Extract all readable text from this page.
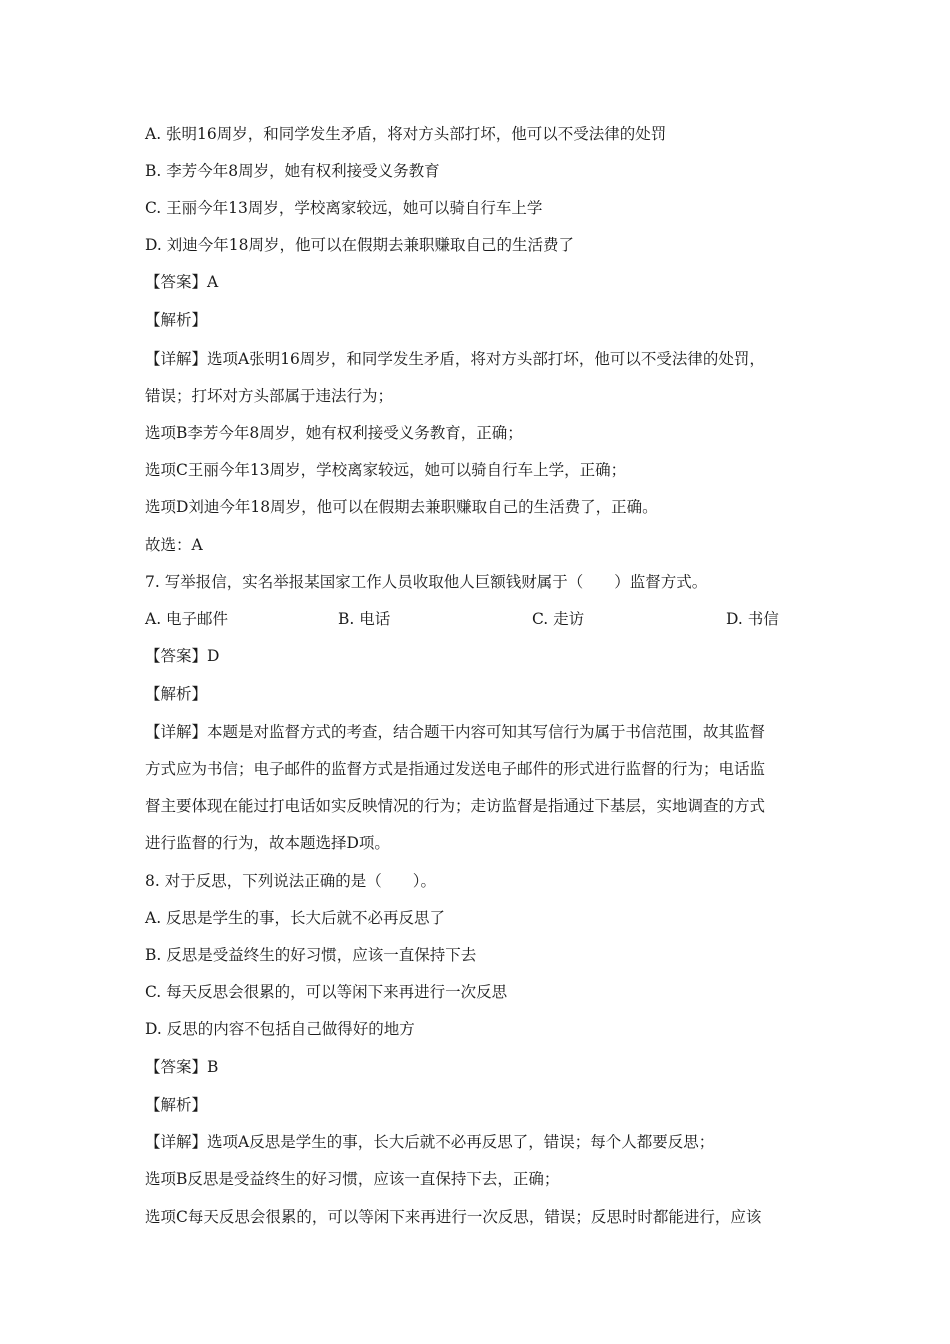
A. 张明16周岁，和同学发生矛盾，将对方头部打坏，他可以不受法律的处罚
B. 李芳今年8周岁，她有权利接受义务教育
C. 王丽今年13周岁，学校离家较远，她可以骑自行车上学
D. 刘迪今年18周岁，他可以在假期去兼职赚取自己的生活费了
【答案】A
【解析】
【详解】选项A张明16周岁，和同学发生矛盾，将对方头部打坏，他可以不受法律的处罚，
错误；打坏对方头部属于违法行为；
选项B李芳今年8周岁，她有权利接受义务教育，正确；
选项C王丽今年13周岁，学校离家较远，她可以骑自行车上学，正确；
选项D刘迪今年18周岁，他可以在假期去兼职赚取自己的生活费了，正确。
故选：A
7. 写举报信，实名举报某国家工作人员收取他人巨额钱财属于（　　）监督方式。
A. 电子邮件	B. 电话	C. 走访	D. 书信
【答案】D
【解析】
【详解】本题是对监督方式的考查，结合题干内容可知其写信行为属于书信范围，故其监督
方式应为书信；电子邮件的监督方式是指通过发送电子邮件的形式进行监督的行为；电话监
督主要体现在能过打电话如实反映情况的行为；走访监督是指通过下基层，实地调查的方式
进行监督的行为，故本题选择D项。
8. 对于反思，下列说法正确的是（　　）。
A. 反思是学生的事，长大后就不必再反思了
B. 反思是受益终生的好习惯，应该一直保持下去
C. 每天反思会很累的，可以等闲下来再进行一次反思
D. 反思的内容不包括自己做得好的地方
【答案】B
【解析】
【详解】选项A反思是学生的事，长大后就不必再反思了，错误；每个人都要反思；
选项B反思是受益终生的好习惯，应该一直保持下去，正确；
选项C每天反思会很累的，可以等闲下来再进行一次反思，错误；反思时时都能进行，应该
